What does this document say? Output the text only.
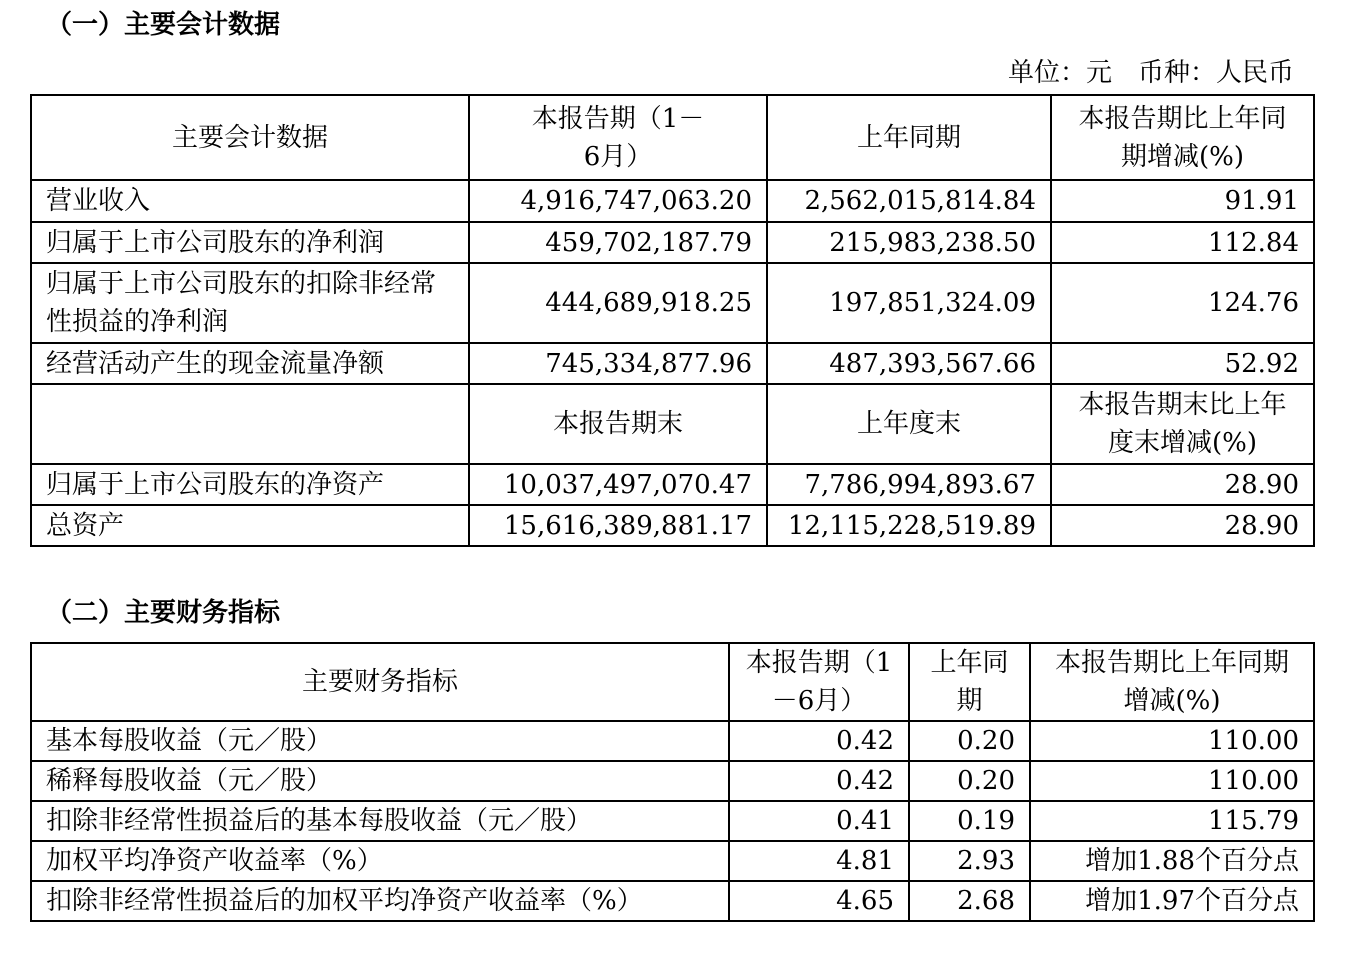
（一）主要会计数据
单位：元　币种：人民币
主要会计数据	本报告期（1－6月）	上年同期	本报告期比上年同期增减(%)
营业收入	4,916,747,063.20	2,562,015,814.84	91.91
归属于上市公司股东的净利润	459,702,187.79	215,983,238.50	112.84
归属于上市公司股东的扣除非经常性损益的净利润	444,689,918.25	197,851,324.09	124.76
经营活动产生的现金流量净额	745,334,877.96	487,393,567.66	52.92
	本报告期末	上年度末	本报告期末比上年度末增减(%)
归属于上市公司股东的净资产	10,037,497,070.47	7,786,994,893.67	28.90
总资产	15,616,389,881.17	12,115,228,519.89	28.90
（二）主要财务指标
主要财务指标	本报告期（1－6月）	上年同期	本报告期比上年同期增减(%)
基本每股收益（元／股）	0.42	0.20	110.00
稀释每股收益（元／股）	0.42	0.20	110.00
扣除非经常性损益后的基本每股收益（元／股）	0.41	0.19	115.79
加权平均净资产收益率（%）	4.81	2.93	增加1.88个百分点
扣除非经常性损益后的加权平均净资产收益率（%）	4.65	2.68	增加1.97个百分点
